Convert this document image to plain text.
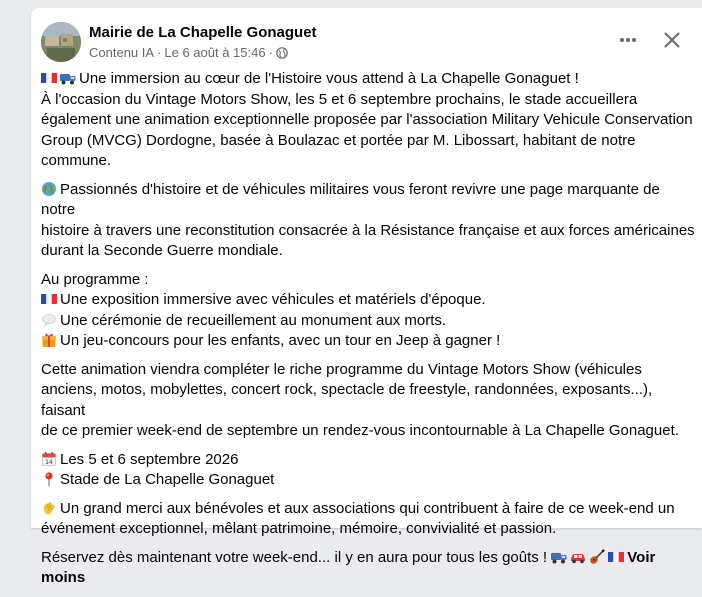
Mairie de La Chapelle Gonaguet
Contenu IA · Le 6 août à 15:46 ·
Une immersion au cœur de l'Histoire vous attend à La Chapelle Gonaguet !
À l'occasion du Vintage Motors Show, les 5 et 6 septembre prochains, le stade accueillera
également une animation exceptionnelle proposée par l'association Military Vehicule Conservation
Group (MVCG) Dordogne, basée à Boulazac et portée par M. Libossart, habitant de notre
commune.
Passionnés d'histoire et de véhicules militaires vous feront revivre une page marquante de notre
histoire à travers une reconstitution consacrée à la Résistance française et aux forces américaines
durant la Seconde Guerre mondiale.
Au programme :
Une exposition immersive avec véhicules et matériels d'époque.
Une cérémonie de recueillement au monument aux morts.
Un jeu-concours pour les enfants, avec un tour en Jeep à gagner !
Cette animation viendra compléter le riche programme du Vintage Motors Show (véhicules
anciens, motos, mobylettes, concert rock, spectacle de freestyle, randonnées, exposants...), faisant
de ce premier week-end de septembre un rendez-vous incontournable à La Chapelle Gonaguet.
14 Les 5 et 6 septembre 2026
Stade de La Chapelle Gonaguet
Un grand merci aux bénévoles et aux associations qui contribuent à faire de ce week-end un
événement exceptionnel, mêlant patrimoine, mémoire, convivialité et passion.
Réservez dès maintenant votre week-end... il y en aura pour tous les goûts !	Voir moins
